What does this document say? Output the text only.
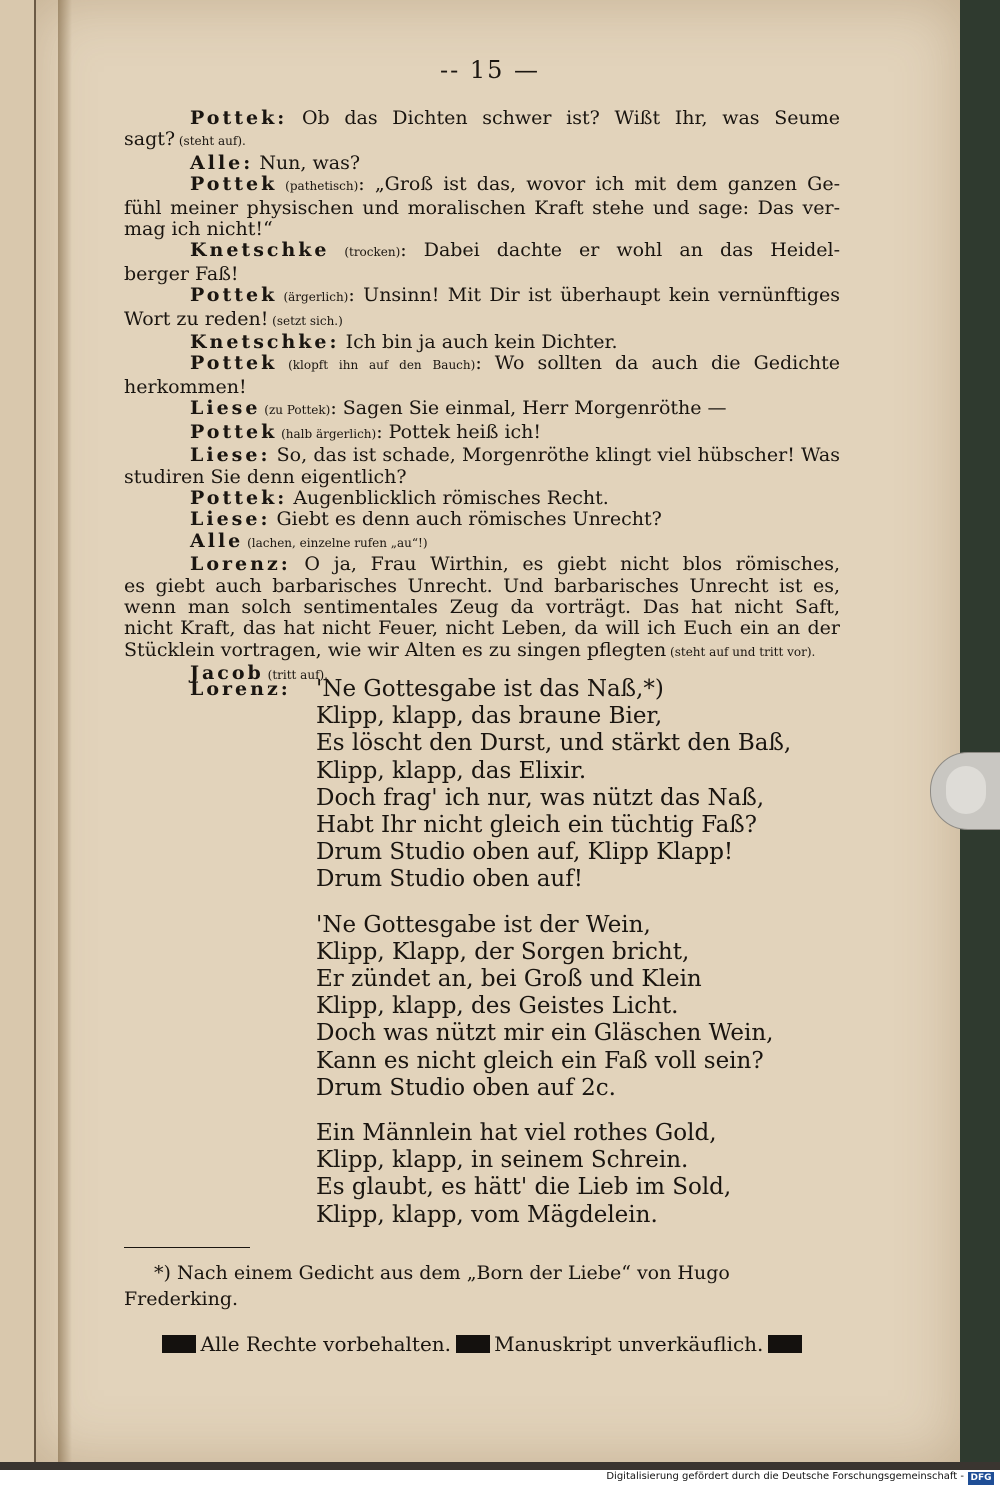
-- 15 —
Pottek: Ob das Dichten schwer ist? Wißt Ihr, was Seume
sagt? (steht auf).
Alle: Nun, was?
Pottek (pathetisch): „Groß ist das, wovor ich mit dem ganzen Ge-
fühl meiner physischen und moralischen Kraft stehe und sage: Das ver-
mag ich nicht!“
Knetschke (trocken): Dabei dachte er wohl an das Heidel-
berger Faß!
Pottek (ärgerlich): Unsinn! Mit Dir ist überhaupt kein vernünftiges
Wort zu reden! (setzt sich.)
Knetschke: Ich bin ja auch kein Dichter.
Pottek (klopft ihn auf den Bauch): Wo sollten da auch die Gedichte
herkommen!
Liese (zu Pottek): Sagen Sie einmal, Herr Morgenröthe —
Pottek (halb ärgerlich): Pottek heiß ich!
Liese: So, das ist schade, Morgenröthe klingt viel hübscher! Was
studiren Sie denn eigentlich?
Pottek: Augenblicklich römisches Recht.
Liese: Giebt es denn auch römisches Unrecht?
Alle (lachen, einzelne rufen „au“!)
Lorenz: O ja, Frau Wirthin, es giebt nicht blos römisches,
es giebt auch barbarisches Unrecht. Und barbarisches Unrecht ist es,
wenn man solch sentimentales Zeug da vorträgt. Das hat nicht Saft,
nicht Kraft, das hat nicht Feuer, nicht Leben, da will ich Euch ein an der
Stücklein vortragen, wie wir Alten es zu singen pflegten (steht auf und tritt vor).
Jacob (tritt auf).
Lorenz:	'Ne Gottesgabe ist das Naß,*)
Klipp, klapp, das braune Bier,
Es löscht den Durst, und stärkt den Baß,
Klipp, klapp, das Elixir.
Doch frag' ich nur, was nützt das Naß,
Habt Ihr nicht gleich ein tüchtig Faß?
Drum Studio oben auf, Klipp Klapp!
Drum Studio oben auf!
'Ne Gottesgabe ist der Wein,
Klipp, Klapp, der Sorgen bricht,
Er zündet an, bei Groß und Klein
Klipp, klapp, des Geistes Licht.
Doch was nützt mir ein Gläschen Wein,
Kann es nicht gleich ein Faß voll sein?
Drum Studio oben auf 2c.
Ein Männlein hat viel rothes Gold,
Klipp, klapp, in seinem Schrein.
Es glaubt, es hätt' die Lieb im Sold,
Klipp, klapp, vom Mägdelein.
*) Nach einem Gedicht aus dem „Born der Liebe“ von Hugo
Frederking.
Alle Rechte vorbehalten. Manuskript unverkäuflich.
Digitalisierung gefördert durch die Deutsche Forschungsgemeinschaft - DFG
